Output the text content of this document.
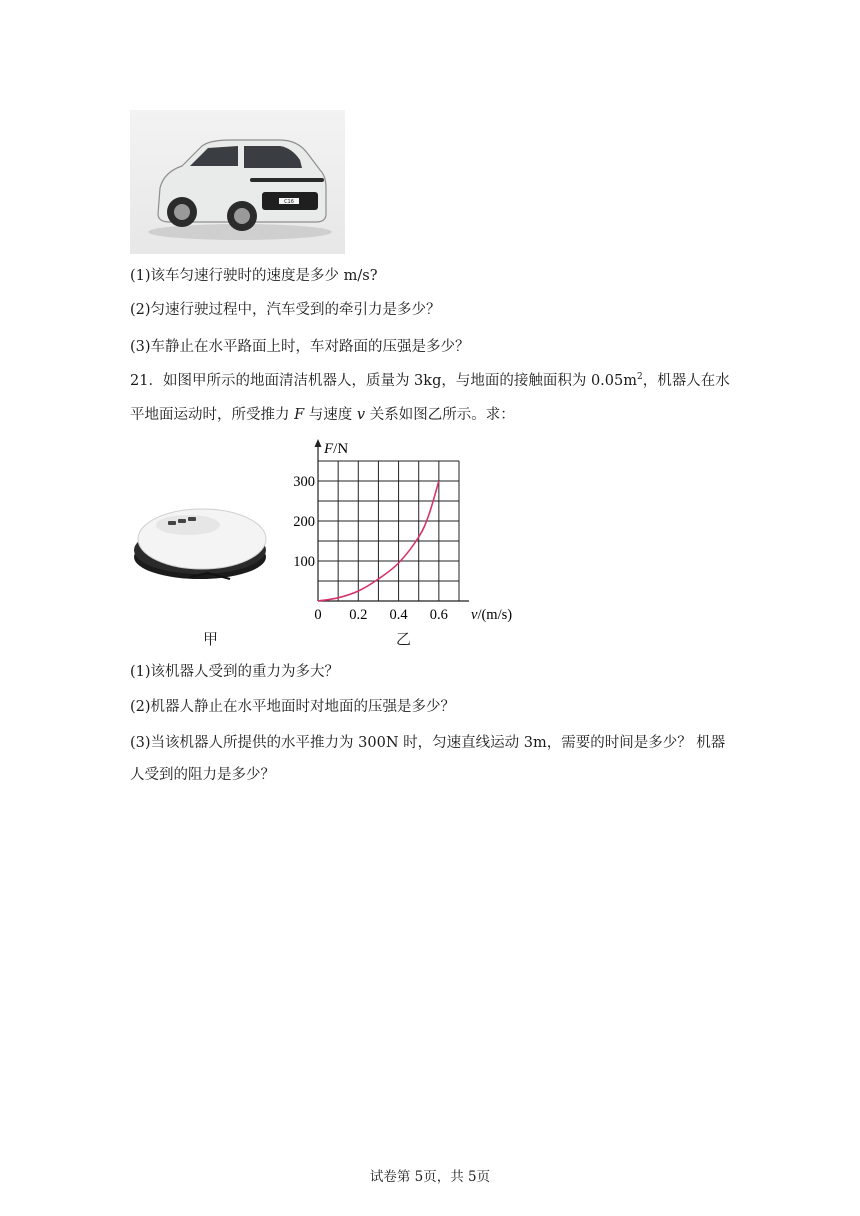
C16
(1)该车匀速行驶时的速度是多少 m/s?
(2)匀速行驶过程中，汽车受到的牵引力是多少？
(3)车静止在水平路面上时，车对路面的压强是多少？
21．如图甲所示的地面清洁机器人，质量为 3kg，与地面的接触面积为 $0.05m^2$，机器人在水
平地面运动时，所受推力 F 与速度 v 关系如图乙所示。求：
甲
F/N
100
200
300
0 0.2 0.4 0.6 v/(m/s)
乙
(1)该机器人受到的重力为多大？
(2)机器人静止在水平地面时对地面的压强是多少？
(3)当该机器人所提供的水平推力为 300N 时，匀速直线运动 3m，需要的时间是多少？ 机器
人受到的阻力是多少？
试卷第 5页，共 5页
